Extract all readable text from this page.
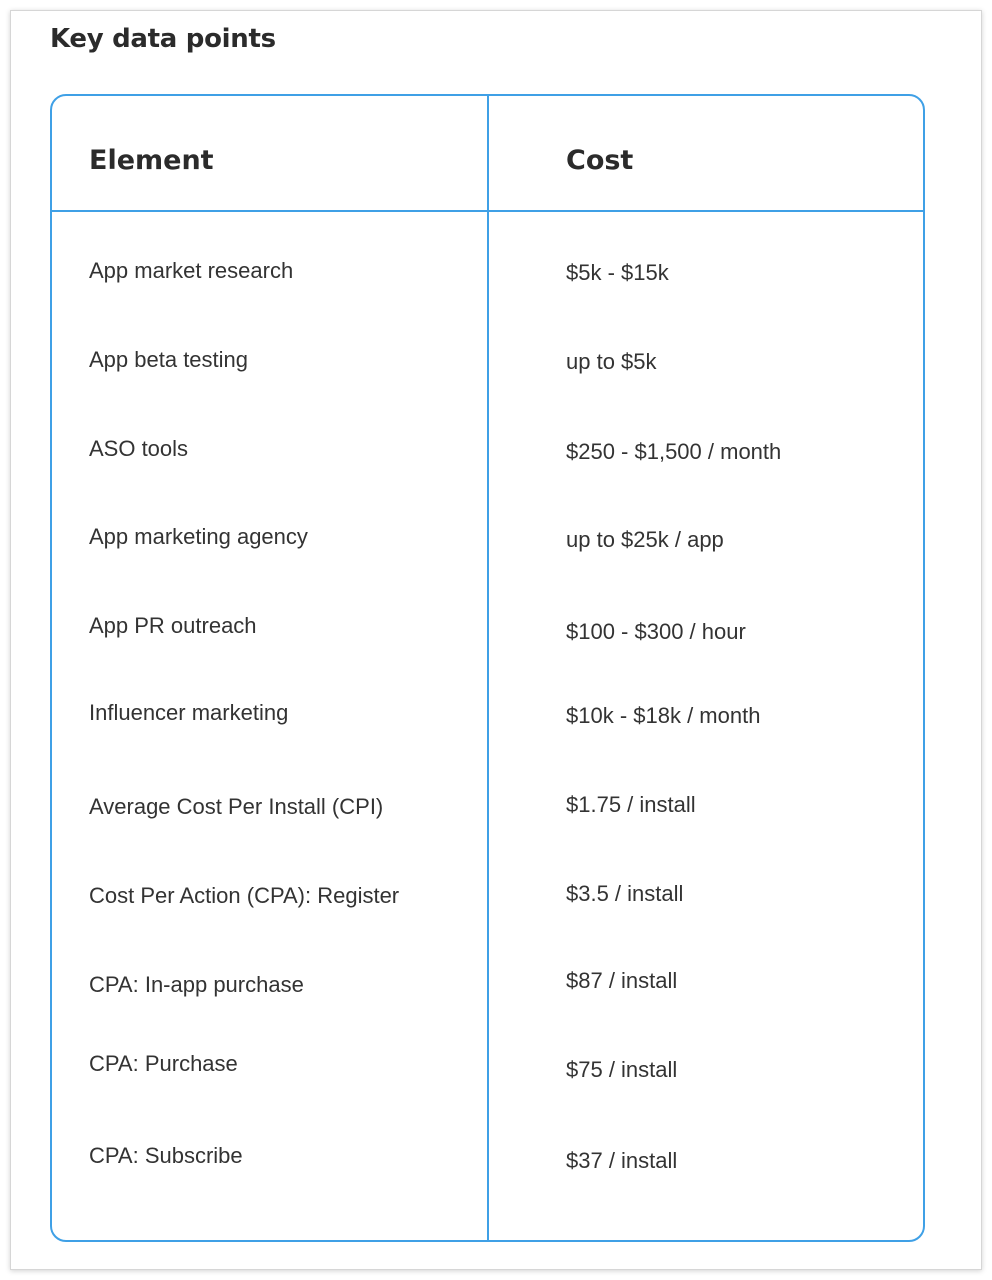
Key data points
Element	Cost
App market research	$5k - $15k
App beta testing	up to $5k
ASO tools	$250 - $1,500 / month
App marketing agency	up to $25k / app
App PR outreach	$100 - $300 / hour
Influencer marketing	$10k - $18k / month
Average Cost Per Install (CPI)	$1.75 / install
Cost Per Action (CPA): Register	$3.5 / install
CPA: In-app purchase	$87 / install
CPA: Purchase	$75 / install
CPA: Subscribe	$37 / install
